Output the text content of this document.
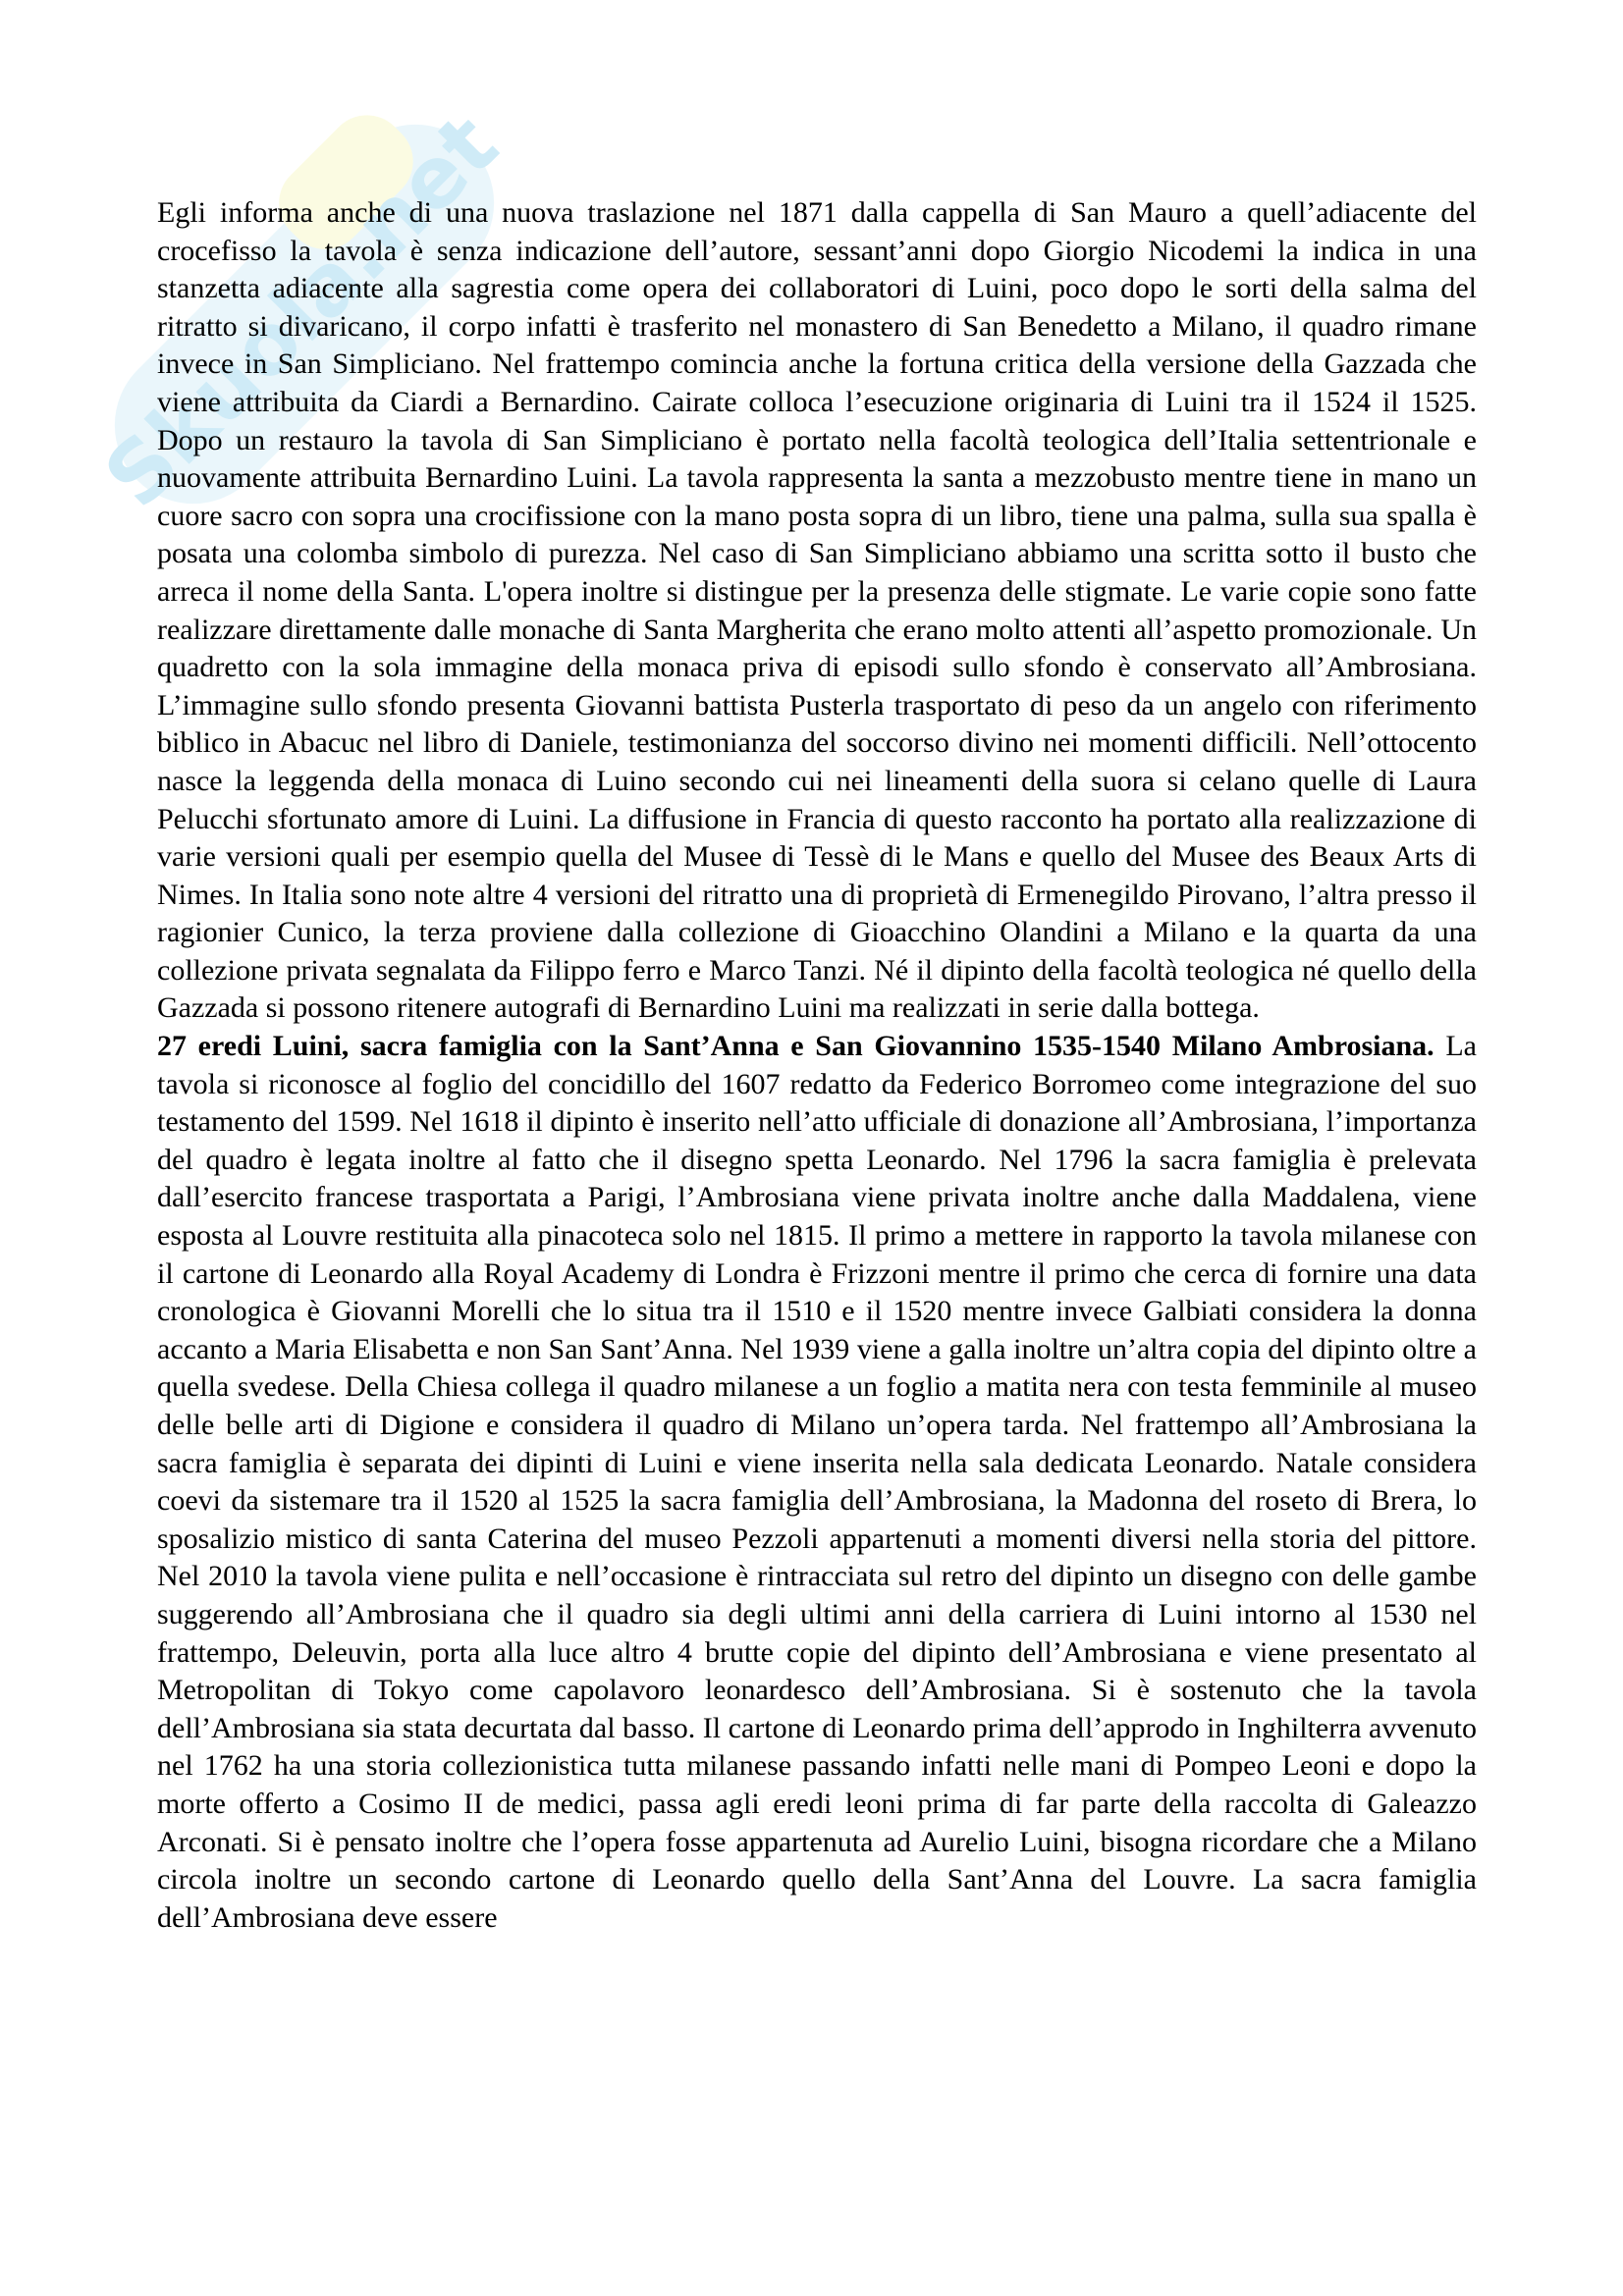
Skuola.net

Egli informa anche di una nuova traslazione nel 1871 dalla cappella di San Mauro a quell’adiacente del crocefisso la tavola è senza indicazione dell’autore, sessant’anni dopo Giorgio Nicodemi la indica in una stanzetta adiacente alla sagrestia come opera dei collaboratori di Luini, poco dopo le sorti della salma del ritratto si divaricano, il corpo infatti è trasferito nel monastero di San Benedetto a Milano, il quadro rimane invece in San Simpliciano. Nel frattempo comincia anche la fortuna critica della versione della Gazzada che viene attribuita da Ciardi a Bernardino. Cairate colloca l’esecuzione originaria di Luini tra il 1524 il 1525. Dopo un restauro la tavola di San Simpliciano è portato nella facoltà teologica dell’Italia settentrionale e nuovamente attribuita Bernardino Luini. La tavola rappresenta la santa a mezzobusto mentre tiene in mano un cuore sacro con sopra una crocifissione con la mano posta sopra di un libro, tiene una palma, sulla sua spalla è posata una colomba simbolo di purezza. Nel caso di San Simpliciano abbiamo una scritta sotto il busto che arreca il nome della Santa. L'opera inoltre si distingue per la presenza delle stigmate. Le varie copie sono fatte realizzare direttamente dalle monache di Santa Margherita che erano molto attenti all’aspetto promozionale. Un quadretto con la sola immagine della monaca priva di episodi sullo sfondo è conservato all’Ambrosiana. L’immagine sullo sfondo presenta Giovanni battista Pusterla trasportato di peso da un angelo con riferimento biblico in Abacuc nel libro di Daniele, testimonianza del soccorso divino nei momenti difficili. Nell’ottocento nasce la leggenda della monaca di Luino secondo cui nei lineamenti della suora si celano quelle di Laura Pelucchi sfortunato amore di Luini. La diffusione in Francia di questo racconto ha portato alla realizzazione di varie versioni quali per esempio quella del Musee di Tessè di le Mans e quello del Musee des Beaux Arts di Nimes. In Italia sono note altre 4 versioni del ritratto una di proprietà di Ermenegildo Pirovano, l’altra presso il ragionier Cunico, la terza proviene dalla collezione di Gioacchino Olandini a Milano e la quarta da una collezione privata segnalata da Filippo ferro e Marco Tanzi. Né il dipinto della facoltà teologica né quello della Gazzada si possono ritenere autografi di Bernardino Luini ma realizzati in serie dalla bottega.

27 eredi Luini, sacra famiglia con la Sant’Anna e San Giovannino 1535-1540 Milano Ambrosiana. La tavola si riconosce al foglio del concidillo del 1607 redatto da Federico Borromeo come integrazione del suo testamento del 1599. Nel 1618 il dipinto è inserito nell’atto ufficiale di donazione all’Ambrosiana, l’importanza del quadro è legata inoltre al fatto che il disegno spetta Leonardo. Nel 1796 la sacra famiglia è prelevata dall’esercito francese trasportata a Parigi, l’Ambrosiana viene privata inoltre anche dalla Maddalena, viene esposta al Louvre restituita alla pinacoteca solo nel 1815. Il primo a mettere in rapporto la tavola milanese con il cartone di Leonardo alla Royal Academy di Londra è Frizzoni mentre il primo che cerca di fornire una data cronologica è Giovanni Morelli che lo situa tra il 1510 e il 1520 mentre invece Galbiati considera la donna accanto a Maria Elisabetta e non San Sant’Anna. Nel 1939 viene a galla inoltre un’altra copia del dipinto oltre a quella svedese. Della Chiesa collega il quadro milanese a un foglio a matita nera con testa femminile al museo delle belle arti di Digione e considera il quadro di Milano un’opera tarda. Nel frattempo all’Ambrosiana la sacra famiglia è separata dei dipinti di Luini e viene inserita nella sala dedicata Leonardo. Natale considera coevi da sistemare tra il 1520 al 1525 la sacra famiglia dell’Ambrosiana, la Madonna del roseto di Brera, lo sposalizio mistico di santa Caterina del museo Pezzoli appartenuti a momenti diversi nella storia del pittore. Nel 2010 la tavola viene pulita e nell’occasione è rintracciata sul retro del dipinto un disegno con delle gambe suggerendo all’Ambrosiana che il quadro sia degli ultimi anni della carriera di Luini intorno al 1530 nel frattempo, Deleuvin, porta alla luce altro 4 brutte copie del dipinto dell’Ambrosiana e viene presentato al Metropolitan di Tokyo come capolavoro leonardesco dell’Ambrosiana. Si è sostenuto che la tavola dell’Ambrosiana sia stata decurtata dal basso. Il cartone di Leonardo prima dell’approdo in Inghilterra avvenuto nel 1762 ha una storia collezionistica tutta milanese passando infatti nelle mani di Pompeo Leoni e dopo la morte offerto a Cosimo II de medici, passa agli eredi leoni prima di far parte della raccolta di Galeazzo Arconati. Si è pensato inoltre che l’opera fosse appartenuta ad Aurelio Luini, bisogna ricordare che a Milano circola inoltre un secondo cartone di Leonardo quello della Sant’Anna del Louvre. La sacra famiglia dell’Ambrosiana deve essere
